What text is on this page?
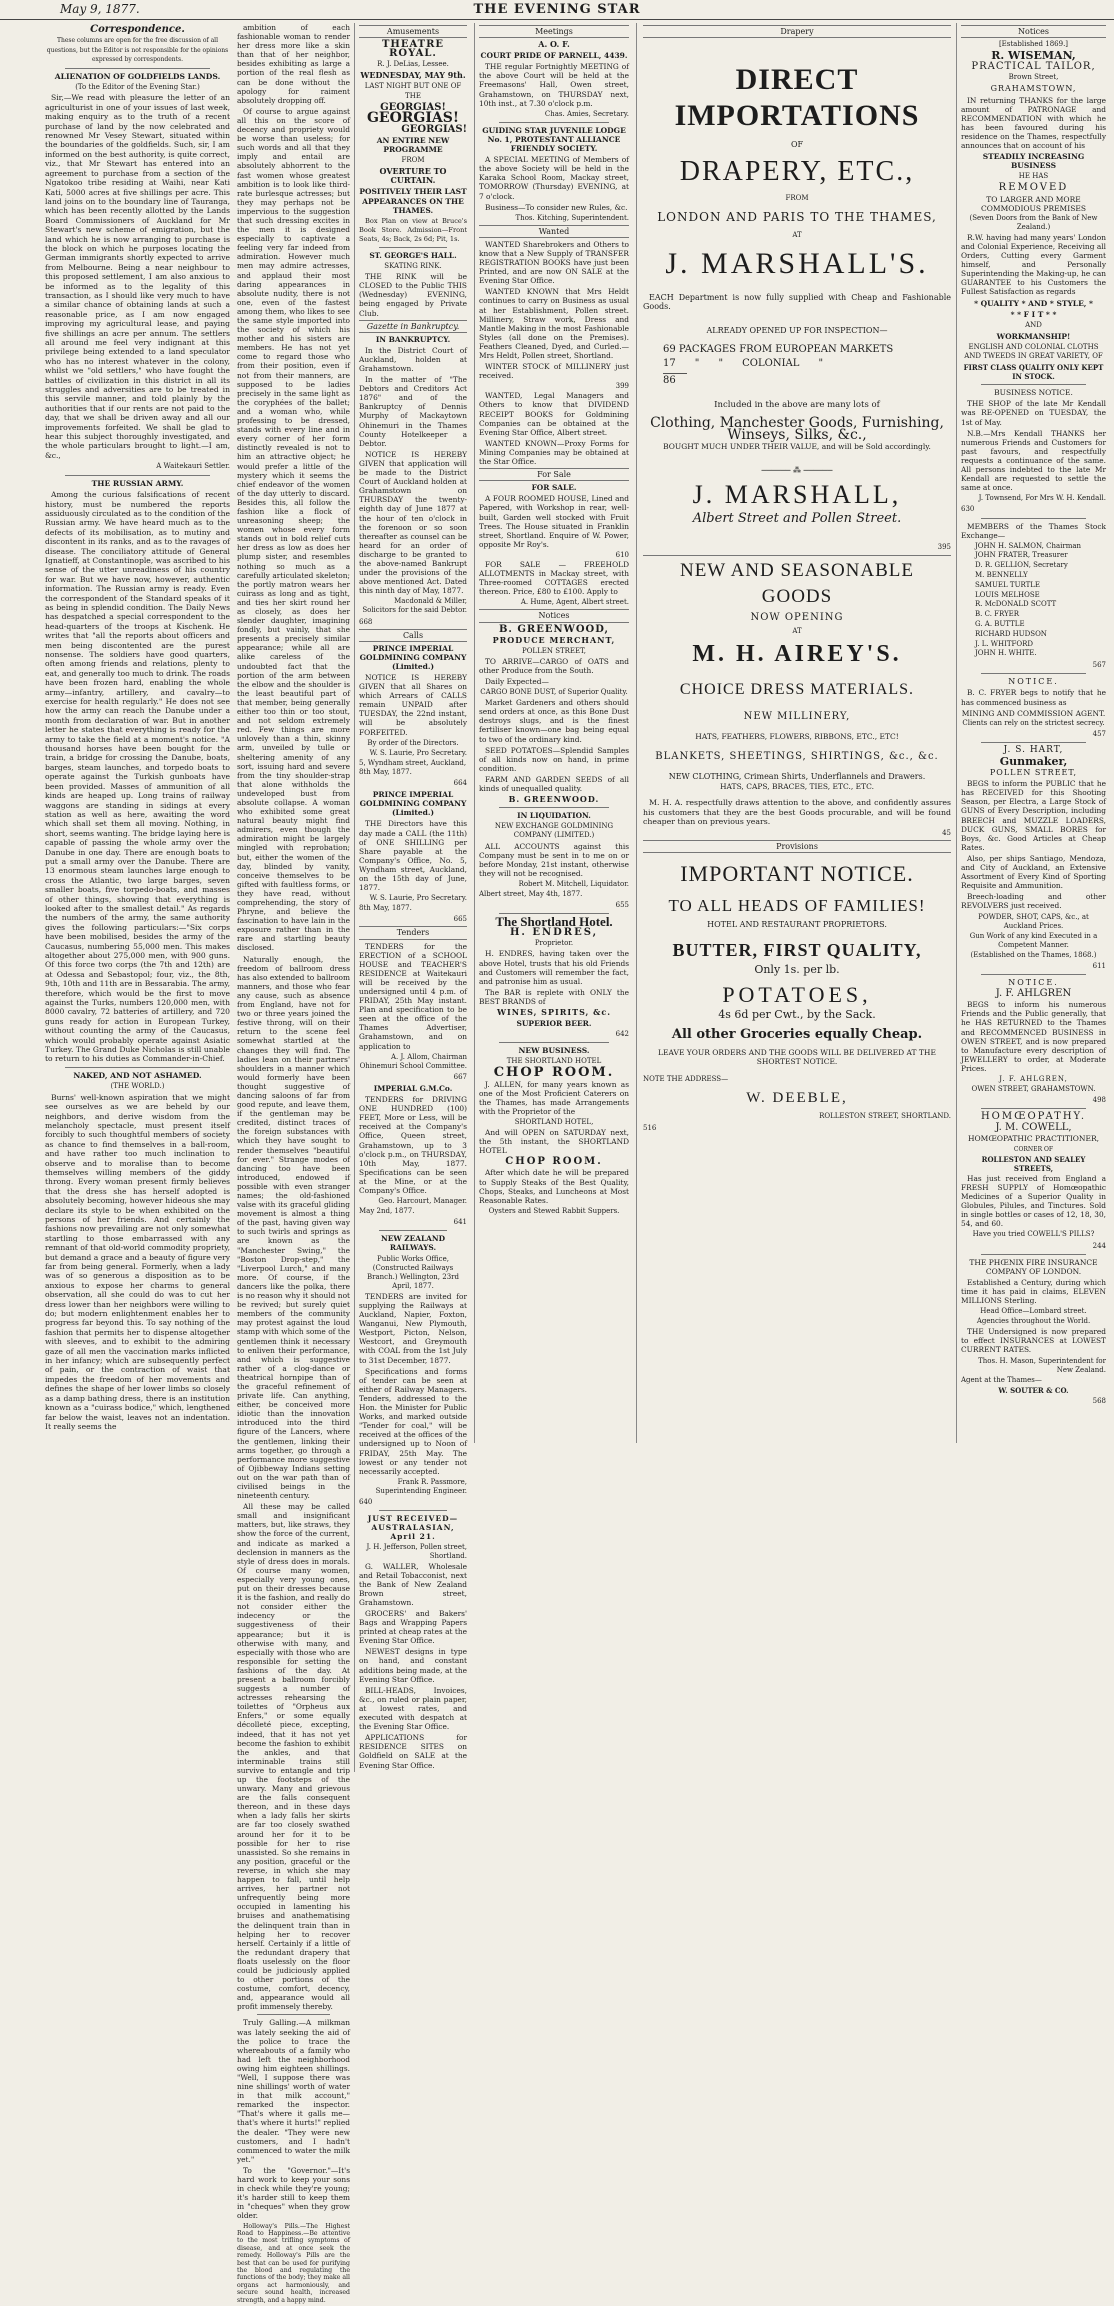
May 9, 1877.	THE EVENING STAR
Correspondence.
These columns are open for the free discussion of all questions, but the Editor is not responsible for the opinions expressed by correspondents.
ALIENATION OF GOLDFIELDS LANDS.
(To the Editor of the Evening Star.)
Sir,—We read with pleasure the letter of an agriculturist in one of your issues of last week, making enquiry as to the truth of a recent purchase of land by the now celebrated and renowned Mr Vesey Stewart, situated within the boundaries of the goldfields. Such, sir, I am informed on the best authority, is quite correct, viz., that Mr Stewart has entered into an agreement to purchase from a section of the Ngatokoo tribe residing at Waihi, near Kati Kati, 5000 acres at five shillings per acre. This land joins on to the boundary line of Tauranga, which has been recently allotted by the Lands Board Commissioners of Auckland for Mr Stewart's new scheme of emigration, but the land which he is now arranging to purchase is the block on which he purposes locating the German immigrants shortly expected to arrive from Melbourne. Being a near neighbour to this proposed settlement, I am also anxious to be informed as to the legality of this transaction, as I should like very much to have a similar chance of obtaining lands at such a reasonable price, as I am now engaged improving my agricultural lease, and paying five shillings an acre per annum. The settlers all around me feel very indignant at this privilege being extended to a land speculator who has no interest whatever in the colony, whilst we "old settlers," who have fought the battles of civilization in this district in all its struggles and adversities are to be treated in this servile manner, and told plainly by the authorities that if our rents are not paid to the day, that we shall be driven away and all our improvements forfeited. We shall be glad to hear this subject thoroughly investigated, and the whole particulars brought to light.—I am, &c.,
A Waitekauri Settler.
THE RUSSIAN ARMY.
Among the curious falsifications of recent history, must be numbered the reports assiduously circulated as to the condition of the Russian army. We have heard much as to the defects of its mobilisation, as to mutiny and discontent in its ranks, and as to the ravages of disease. The conciliatory attitude of General Ignatieff, at Constantinople, was ascribed to his sense of the utter unreadiness of his country for war. But we have now, however, authentic information. The Russian army is ready. Even the correspondent of the Standard speaks of it as being in splendid condition. The Daily News has despatched a special correspondent to the head-quarters of the troops at Kischenk. He writes that "all the reports about officers and men being discontented are the purest nonsense. The soldiers have good quarters, often among friends and relations, plenty to eat, and generally too much to drink. The roads have been frozen hard, enabling the whole army—infantry, artillery, and cavalry—to exercise for health regularly." He does not see how the army can reach the Danube under a month from declaration of war. But in another letter he states that everything is ready for the army to take the field at a moment's notice. "A thousand horses have been bought for the train, a bridge for crossing the Danube, boats, barges, steam launches, and torpedo boats to operate against the Turkish gunboats have been provided. Masses of ammunition of all kinds are heaped up. Long trains of railway waggons are standing in sidings at every station as well as here, awaiting the word which shall set them all moving. Nothing, in short, seems wanting. The bridge laying here is capable of passing the whole army over the Danube in one day. There are enough boats to put a small army over the Danube. There are 13 enormous steam launches large enough to cross the Atlantic, two large barges, seven smaller boats, five torpedo-boats, and masses of other things, showing that everything is looked after to the smallest detail." As regards the numbers of the army, the same authority gives the following particulars:—"Six corps have been mobilised, besides the army of the Caucasus, numbering 55,000 men. This makes altogether about 275,000 men, with 900 guns. Of this force two corps (the 7th and 12th) are at Odessa and Sebastopol; four, viz., the 8th, 9th, 10th and 11th are in Bessarabia. The army, therefore, which would be the first to move against the Turks, numbers 120,000 men, with 8000 cavalry, 72 batteries of artillery, and 720 guns ready for action in European Turkey, without counting the army of the Caucasus, which would probably operate against Asiatic Turkey. The Grand Duke Nicholas is still unable to return to his duties as Commander-in-Chief.
NAKED, AND NOT ASHAMED.
(THE WORLD.)
Burns' well-known aspiration that we might see ourselves as we are beheld by our neighbors, and derive wisdom from the melancholy spectacle, must present itself forcibly to such thoughtful members of society as chance to find themselves in a ball-room, and have rather too much inclination to observe and to moralise than to become themselves willing members of the giddy throng. Every woman present firmly believes that the dress she has herself adopted is absolutely becoming, however hideous she may declare its style to be when exhibited on the persons of her friends. And certainly the fashions now prevailing are not only somewhat startling to those embarrassed with any remnant of that old-world commodity propriety, but demand a grace and a beauty of figure very far from being general. Formerly, when a lady was of so generous a disposition as to be anxious to expose her charms to general observation, all she could do was to cut her dress lower than her neighbors were willing to do; but modern enlightenment enables her to progress far beyond this. To say nothing of the fashion that permits her to dispense altogether with sleeves, and to exhibit to the admiring gaze of all men the vaccination marks inflicted in her infancy; which are subsequently perfect of pain, or the contraction of waist that impedes the freedom of her movements and defines the shape of her lower limbs so closely as a damp bathing dress, there is an institution known as a "cuirass bodice," which, lengthened far below the waist, leaves not an indentation. It really seems the
ambition of each fashionable woman to render her dress more like a skin than that of her neighbor, besides exhibiting as large a portion of the real flesh as can be done without the apology for raiment absolutely dropping off.
Of course to argue against all this on the score of decency and propriety would be worse than useless; for such words and all that they imply and entail are absolutely abhorrent to the fast women whose greatest ambition is to look like third-rate burlesque actresses; but they may perhaps not be impervious to the suggestion that such dressing excites in the men it is designed especially to captivate a feeling very far indeed from admiration. However much men may admire actresses, and applaud their most daring appearances in absolute nudity, there is not one, even of the fastest among them, who likes to see the same style imported into the society of which his mother and his sisters are members. He has not yet come to regard those who from their position, even if not from their manners, are supposed to be ladies precisely in the same light as the coryphées of the ballet; and a woman who, while professing to be dressed, stands with every line and in every corner of her form distinctly revealed is not to him an attractive object; he would prefer a little of the mystery which it seems the chief endeavor of the women of the day utterly to discard. Besides this, all follow the fashion like a flock of unreasoning sheep; the women whose every form stands out in bold relief cuts her dress as low as does her plump sister, and resembles nothing so much as a carefully articulated skeleton; the portly matron wears her cuirass as long and as tight, and ties her skirt round her as closely, as does her slender daughter, imagining fondly, but vainly, that she presents a precisely similar appearance; while all are alike careless of the undoubted fact that the portion of the arm between the elbow and the shoulder is the least beautiful part of that member, being generally either too thin or too stout, and not seldom extremely red. Few things are more unlovely than a thin, skinny arm, unveiled by tulle or sheltering amenity of any sort, issuing hard and severe from the tiny shoulder-strap that alone withholds the undeveloped bust from absolute collapse. A woman who exhibited some great natural beauty might find admirers, even though the admiration might be largely mingled with reprobation; but, either the women of the day, blinded by vanity, conceive themselves to be gifted with faultless forms, or they have read, without comprehending, the story of Phryne, and believe the fascination to have lain in the exposure rather than in the rare and startling beauty disclosed.
Naturally enough, the freedom of ballroom dress has also extended to ballroom manners, and those who fear any cause, such as absence from England, have not for two or three years joined the festive throng, will on their return to the scene feel somewhat startled at the changes they will find. The ladies lean on their partners' shoulders in a manner which would formerly have been thought suggestive of dancing saloons of far from good repute, and leave them, if the gentleman may be credited, distinct traces of the foreign substances with which they have sought to render themselves "beautiful for ever." Strange modes of dancing too have been introduced, endowed if possible with even stranger names; the old-fashioned valse with its graceful gliding movement is almost a thing of the past, having given way to such twirls and springs as are known as the "Manchester Swing," the "Boston Drop-step," the "Liverpool Lurch," and many more. Of course, if the dancers like the polka, there is no reason why it should not be revived; but surely quiet members of the community may protest against the loud stamp with which some of the gentlemen think it necessary to enliven their performance, and which is suggestive rather of a clog-dance or theatrical hornpipe than of the graceful refinement of private life. Can anything, either, be conceived more idiotic than the innovation introduced into the third figure of the Lancers, where the gentlemen, linking their arms together, go through a performance more suggestive of Ojibbeway Indians setting out on the war path than of civilised beings in the nineteenth century.
All these may be called small and insignificant matters, but, like straws, they show the force of the current, and indicate as marked a declension in manners as the style of dress does in morals. Of course many women, especially very young ones, put on their dresses because it is the fashion, and really do not consider either the indecency or the suggestiveness of their appearance; but it is otherwise with many, and especially with those who are responsible for setting the fashions of the day. At present a ballroom forcibly suggests a number of actresses rehearsing the toilettes of "Orpheus aux Enfers," or some equally décolleté piece, excepting, indeed, that it has not yet become the fashion to exhibit the ankles, and that interminable trains still survive to entangle and trip up the footsteps of the unwary. Many and grievous are the falls consequent thereon, and in these days when a lady falls her skirts are far too closely swathed around her for it to be possible for her to rise unassisted. So she remains in any position, graceful or the reverse, in which she may happen to fall, until help arrives, her partner not unfrequently being more occupied in lamenting his bruises and anathematising the delinquent train than in helping her to recover herself. Certainly if a little of the redundant drapery that floats uselessly on the floor could be judiciously applied to other portions of the costume, comfort, decency, and, appearance would all profit immensely thereby.
Truly Galling.—A milkman was lately seeking the aid of the police to trace the whereabouts of a family who had left the neighborhood owing him eighteen shillings. "Well, I suppose there was nine shillings' worth of water in that milk account," remarked the inspector. "That's where it galls me—that's where it hurts!" replied the dealer. "They were new customers, and I hadn't commenced to water the milk yet."
To the "Governor."—It's hard work to keep your sons in check while they're young; it's harder still to keep them in "cheques" when they grow older.
Holloway's Pills.—The Highest Road to Happiness.—Be attentive to the most trifling symptoms of disease, and at once seek the remedy. Holloway's Pills are the best that can be used for purifying the blood and regulating the functions of the body; they make all organs act harmoniously, and secure sound health, increased strength, and a happy mind.
Amusements
THEATRE ROYAL.
R. J. DeLias, Lessee.
WEDNESDAY, MAY 9th.
LAST NIGHT BUT ONE OF THE
GEORGIAS!
GEORGIAS!
GEORGIAS!
AN ENTIRE NEW PROGRAMME
FROM
OVERTURE TO CURTAIN.
POSITIVELY THEIR LAST APPEARANCES ON THE THAMES.
Box Plan on view at Bruce's Book Store. Admission—Front Seats, 4s; Back, 2s 6d; Pit, 1s.
ST. GEORGE'S HALL.
SKATING RINK.
THE RINK will be CLOSED to the Public THIS (Wednesday) EVENING, being engaged by Private Club.
Gazette in Bankruptcy.
IN BANKRUPTCY.
In the District Court of Auckland, holden at Grahamstown.
In the matter of "The Debtors and Creditors Act 1876" and of the Bankruptcy of Dennis Murphy of Mackaytown Ohinemuri in the Thames County Hotelkeeper a Debtor.
NOTICE IS HEREBY GIVEN that application will be made to the District Court of Auckland holden at Grahamstown on THURSDAY the twenty-eighth day of June 1877 at the hour of ten o'clock in the forenoon or so soon thereafter as counsel can be heard for an order of discharge to be granted to the above-named Bankrupt under the provisions of the above mentioned Act. Dated this ninth day of May, 1877.
Macdonald & Miller, Solicitors for the said Debtor.
668
Calls
PRINCE IMPERIAL GOLDMINING COMPANY (Limited.)
NOTICE IS HEREBY GIVEN that all Shares on which Arrears of CALLS remain UNPAID after TUESDAY, the 22nd instant, will be absolutely FORFEITED.
By order of the Directors.
W. S. Laurie, Pro Secretary.
5, Wyndham street, Auckland, 8th May, 1877.
664
PRINCE IMPERIAL GOLDMINING COMPANY (Limited.)
THE Directors have this day made a CALL (the 11th) of ONE SHILLING per Share payable at the Company's Office, No. 5, Wyndham street, Auckland, on the 15th day of June, 1877.
W. S. Laurie, Pro Secretary.
8th May, 1877.
665
Tenders
TENDERS for the ERECTION of a SCHOOL HOUSE and TEACHER'S RESIDENCE at Waitekauri will be received by the undersigned until 4 p.m. of FRIDAY, 25th May instant. Plan and specification to be seen at the office of the Thames Advertiser, Grahamstown, and on application to
A. J. Allom, Chairman Ohinemuri School Committee.
667
IMPERIAL G.M.Co.
TENDERS for DRIVING ONE HUNDRED (100) FEET, More or Less, will be received at the Company's Office, Queen street, Grahamstown, up to 3 o'clock p.m., on THURSDAY, 10th May, 1877. Specifications can be seen at the Mine, or at the Company's Office.
Geo. Harcourt, Manager.
May 2nd, 1877.
641
NEW ZEALAND RAILWAYS.
Public Works Office, (Constructed Railways Branch.) Wellington, 23rd April, 1877.
TENDERS are invited for supplying the Railways at Auckland, Napier, Foxton, Wanganui, New Plymouth, Westport, Picton, Nelson, Westcort, and Greymouth with COAL from the 1st July to 31st December, 1877.
Specifications and forms of tender can be seen at either of Railway Managers. Tenders, addressed to the Hon. the Minister for Public Works, and marked outside "Tender for coal," will be received at the offices of the undersigned up to Noon of FRIDAY, 25th May. The lowest or any tender not necessarily accepted.
Frank R. Passmore, Superintending Engineer.
640
JUST RECEIVED— AUSTRALASIAN, April 21.
J. H. Jefferson, Pollen street, Shortland.
G. WALLER, Wholesale and Retail Tobacconist, next the Bank of New Zealand Brown street, Grahamstown.
GROCERS' and Bakers' Bags and Wrapping Papers printed at cheap rates at the Evening Star Office.
NEWEST designs in type on hand, and constant additions being made, at the Evening Star Office.
BILL-HEADS, Invoices, &c., on ruled or plain paper, at lowest rates, and executed with despatch at the Evening Star Office.
APPLICATIONS for RESIDENCE SITES on Goldfield on SALE at the Evening Star Office.
Meetings
A. O. F.
COURT PRIDE OF PARNELL, 4439.
THE regular Fortnightly MEETING of the above Court will be held at the Freemasons' Hall, Owen street, Grahamstown, on THURSDAY next, 10th inst., at 7.30 o'clock p.m.
Chas. Amies, Secretary.
GUIDING STAR JUVENILE LODGE No. 1, PROTESTANT ALLIANCE FRIENDLY SOCIETY.
A SPECIAL MEETING of Members of the above Society will be held in the Karaka School Room, Mackay street, TOMORROW (Thursday) EVENING, at 7 o'clock.
Business—To consider new Rules, &c.
Thos. Kitching, Superintendent.
Wanted
WANTED Sharebrokers and Others to know that a New Supply of TRANSFER REGISTRATION BOOKS have just been Printed, and are now ON SALE at the Evening Star Office.
WANTED KNOWN that Mrs Heldt continues to carry on Business as usual at her Establishment, Pollen street. Millinery, Straw work, Dress and Mantle Making in the most Fashionable Styles (all done on the Premises). Feathers Cleaned, Dyed, and Curled.—Mrs Heldt, Pollen street, Shortland.
WINTER STOCK of MILLINERY just received.
399
WANTED, Legal Managers and Others to know that DIVIDEND RECEIPT BOOKS for Goldmining Companies can be obtained at the Evening Star Office, Albert street.
WANTED KNOWN—Proxy Forms for Mining Companies may be obtained at the Star Office.
For Sale
FOR SALE.
A FOUR ROOMED HOUSE, Lined and Papered, with Workshop in rear, well-built, Garden well stocked with Fruit Trees. The House situated in Franklin street, Shortland. Enquire of W. Power, opposite Mr Roy's.
610
FOR SALE — FREEHOLD ALLOTMENTS in Mackay street, with Three-roomed COTTAGES erected thereon. Price, £80 to £100. Apply to
A. Hume, Agent, Albert street.
Notices
B. GREENWOOD,
PRODUCE MERCHANT,
POLLEN STREET,
TO ARRIVE—CARGO of OATS and other Produce from the South.
Daily Expected—
CARGO BONE DUST, of Superior Quality.
Market Gardeners and others should send orders at once, as this Bone Dust destroys slugs, and is the finest fertiliser known—one bag being equal to two of the ordinary kind.
SEED POTATOES—Splendid Samples of all kinds now on hand, in prime condition.
FARM AND GARDEN SEEDS of all kinds of unequalled quality.
B. GREENWOOD.
IN LIQUIDATION.
NEW EXCHANGE GOLDMINING COMPANY (LIMITED.)
ALL ACCOUNTS against this Company must be sent in to me on or before Monday, 21st instant, otherwise they will not be recognised.
Robert M. Mitchell, Liquidator.
Albert street, May 4th, 1877.
655
The Shortland Hotel.
H. ENDRES,
Proprietor.
H. ENDRES, having taken over the above Hotel, trusts that his old Friends and Customers will remember the fact, and patronise him as usual.
The BAR is replete with ONLY the BEST BRANDS of
WINES, SPIRITS, &c.
SUPERIOR BEER.
642
NEW BUSINESS.
THE SHORTLAND HOTEL
CHOP ROOM.
J. ALLEN, for many years known as one of the Most Proficient Caterers on the Thames, has made Arrangements with the Proprietor of the
SHORTLAND HOTEL,
And will OPEN on SATURDAY next, the 5th instant, the SHORTLAND HOTEL
CHOP ROOM.
After which date he will be prepared to Supply Steaks of the Best Quality, Chops, Steaks, and Luncheons at Most Reasonable Rates.
Oysters and Stewed Rabbit Suppers.
Drapery
DIRECT IMPORTATIONS
OF
DRAPERY, ETC.,
FROM
LONDON AND PARIS TO THE THAMES,
AT
J. MARSHALL'S.
EACH Department is now fully supplied with Cheap and Fashionable Goods.
ALREADY OPENED UP FOR INSPECTION—
69 PACKAGES FROM EUROPEAN MARKETS
17      "      "      COLONIAL      "
86
Included in the above are many lots of
Clothing, Manchester Goods, Furnishing,
Winseys, Silks, &c.,
BOUGHT MUCH UNDER THEIR VALUE, and will be Sold accordingly.
────── ⁂ ──────
J. MARSHALL,
Albert Street and Pollen Street.
395
NEW AND SEASONABLE GOODS
NOW OPENING
AT
M. H. AIREY'S.
CHOICE DRESS MATERIALS.
NEW MILLINERY,
HATS, FEATHERS, FLOWERS, RIBBONS, ETC., ETC!
BLANKETS, SHEETINGS, SHIRTINGS, &c., &c.
NEW CLOTHING, Crimean Shirts, Underflannels and Drawers.
HATS, CAPS, BRACES, TIES, ETC., ETC.
M. H. A. respectfully draws attention to the above, and confidently assures his customers that they are the best Goods procurable, and will be found cheaper than on previous years.
45
Provisions
IMPORTANT NOTICE.
TO ALL HEADS OF FAMILIES!
HOTEL AND RESTAURANT PROPRIETORS.
BUTTER, FIRST QUALITY,
Only 1s. per lb.
POTATOES,
4s 6d per Cwt., by the Sack.
All other Groceries equally Cheap.
LEAVE YOUR ORDERS AND THE GOODS WILL BE DELIVERED AT THE SHORTEST NOTICE.
NOTE THE ADDRESS—
W. DEEBLE,
ROLLESTON STREET, SHORTLAND.
516
Notices
[Established 1869.]
R. WISEMAN,
PRACTICAL TAILOR,
Brown Street,
GRAHAMSTOWN,
IN returning THANKS for the large amount of PATRONAGE and RECOMMENDATION with which he has been favoured during his residence on the Thames, respectfully announces that on account of his
STEADILY INCREASING BUSINESS
HE HAS
REMOVED
TO LARGER AND MORE COMMODIOUS PREMISES
(Seven Doors from the Bank of New Zealand.)
R.W. having had many years' London and Colonial Experience, Receiving all Orders, Cutting every Garment himself, and Personally Superintending the Making-up, he can GUARANTEE to his Customers the Fullest Satisfaction as regards
* QUALITY * AND * STYLE, *
* * F I T * *
AND
WORKMANSHIP!
ENGLISH AND COLONIAL CLOTHS AND TWEEDS IN GREAT VARIETY, OF
FIRST CLASS QUALITY ONLY KEPT IN STOCK.
BUSINESS NOTICE.
THE SHOP of the late Mr Kendall was RE-OPENED on TUESDAY, the 1st of May.
N.B.—Mrs Kendall THANKS her numerous Friends and Customers for past favours, and respectfully requests a continuance of the same. All persons indebted to the late Mr Kendall are requested to settle the same at once.
J. Townsend, For Mrs W. H. Kendall.
630
MEMBERS of the Thames Stock Exchange—
JOHN H. SALMON, Chairman
JOHN FRATER, Treasurer
D. R. GELLION, Secretary
M. BENNELLY
SAMUEL TURTLE
LOUIS MELHOSE
R. McDONALD SCOTT
B. C. FRYER
G. A. BUTTLE
RICHARD HUDSON
J. L. WHITFORD
JOHN H. WHITE.
567
NOTICE.
B. C. FRYER begs to notify that he has commenced business as
MINING AND COMMISSION AGENT.
Clients can rely on the strictest secrecy.
457
J. S. HART,
Gunmaker,
POLLEN STREET,
BEGS to inform the PUBLIC that he has RECEIVED for this Shooting Season, per Electra, a Large Stock of GUNS of Every Description, including BREECH and MUZZLE LOADERS, DUCK GUNS, SMALL BORES for Boys, &c. Good Articles at Cheap Rates.
Also, per ships Santiago, Mendoza, and City of Auckland, an Extensive Assortment of Every Kind of Sporting Requisite and Ammunition.
Breech-loading and other REVOLVERS just received.
POWDER, SHOT, CAPS, &c., at Auckland Prices.
Gun Work of any kind Executed in a Competent Manner.
(Established on the Thames, 1868.)
611
NOTICE.
J. F. AHLGREN
BEGS to inform his numerous Friends and the Public generally, that he HAS RETURNED to the Thames and RECOMMENCED BUSINESS in OWEN STREET, and is now prepared to Manufacture every description of JEWELLERY to order, at Moderate Prices.
J. F. AHLGREN,
OWEN STREET, GRAHAMSTOWN.
498
HOMŒOPATHY.
J. M. COWELL,
HOMŒOPATHIC PRACTITIONER,
CORNER OF
ROLLESTON AND SEALEY STREETS,
Has just received from England a FRESH SUPPLY of Homœopathic Medicines of a Superior Quality in Globules, Pilules, and Tinctures. Sold in single bottles or cases of 12, 18, 30, 54, and 60.
Have you tried COWELL'S PILLS?
244
THE PHŒNIX FIRE INSURANCE COMPANY OF LONDON.
Established a Century, during which time it has paid in claims, ELEVEN MILLIONS Sterling.
Head Office—Lombard street.
Agencies throughout the World.
THE Undersigned is now prepared to effect INSURANCES at LOWEST CURRENT RATES.
Thos. H. Mason, Superintendent for New Zealand.
Agent at the Thames—
W. SOUTER & CO.
568
